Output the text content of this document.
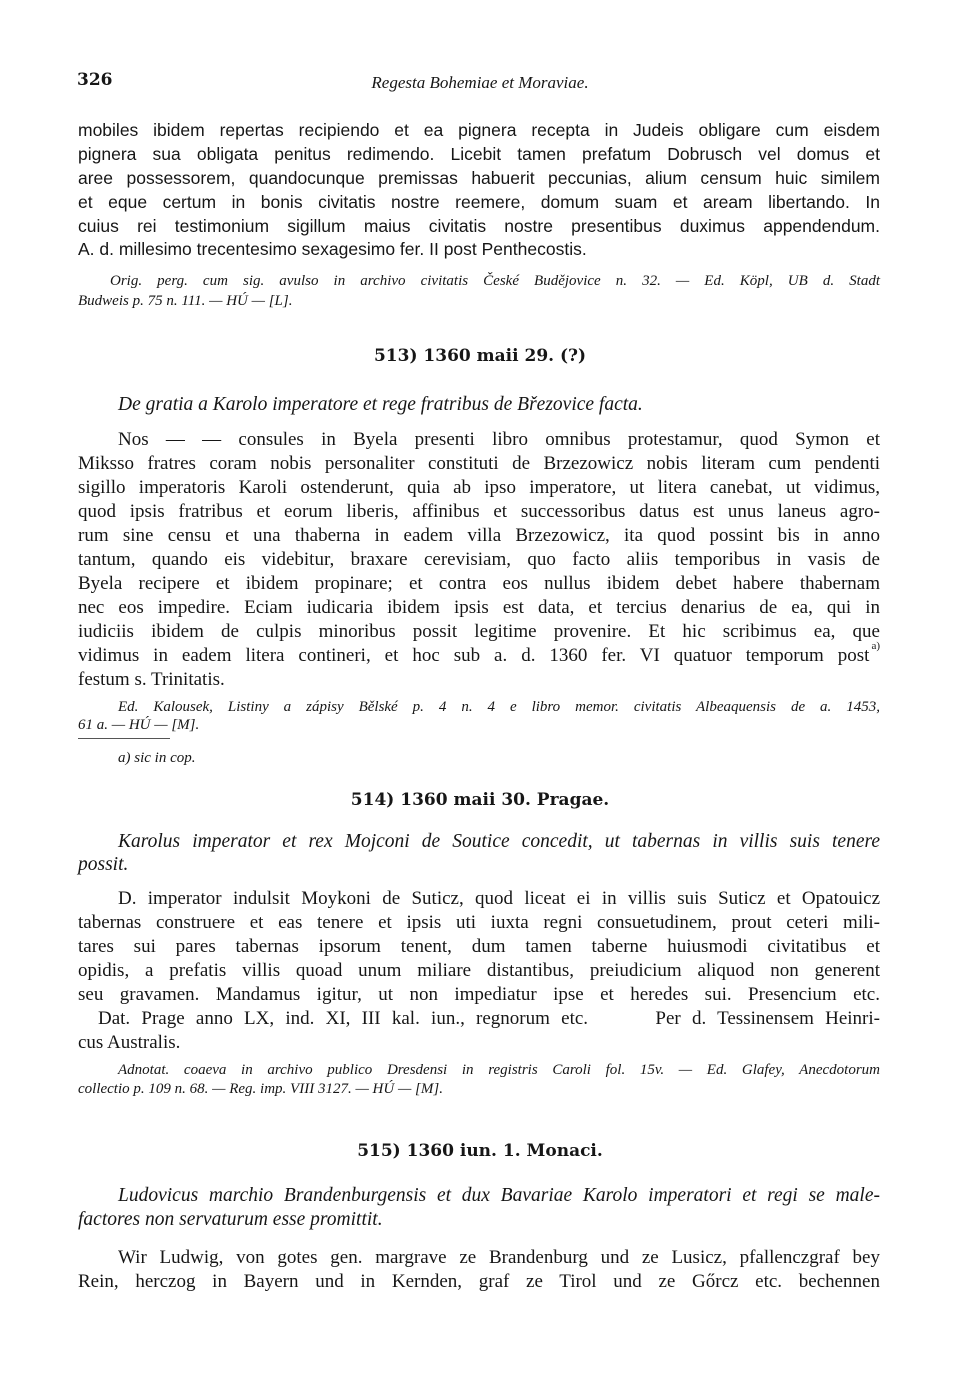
326	Regesta Bohemiae et Moraviae.
mobiles ibidem repertas recipiendo et ea pignera recepta in Judeis obligare cum eisdem
pignera sua obligata penitus redimendo. Licebit tamen prefatum Dobrusch vel domus et
aree possessorem, quandocunque premissas habuerit peccunias, alium censum huic similem
et eque certum in bonis civitatis nostre reemere, domum suam et aream libertando. In
cuius rei testimonium sigillum maius civitatis nostre presentibus duximus appendendum.
A. d. millesimo trecentesimo sexagesimo fer. II post Penthecostis.
Orig. perg. cum sig. avulso in archivo civitatis České Budějovice n. 32. — Ed. Köpl, UB d. Stadt
Budweis p. 75 n. 111. — HÚ — [L].
513) 1360 maii 29. (?)
De gratia a Karolo imperatore et rege fratribus de Březovice facta.
Nos — — consules in Byela presenti libro omnibus protestamur, quod Symon et
Miksso fratres coram nobis personaliter constituti de Brzezowicz nobis literam cum pendenti
sigillo imperatoris Karoli ostenderunt, quia ab ipso imperatore, ut litera canebat, ut vidimus,
quod ipsis fratribus et eorum liberis, affinibus et successoribus datus est unus laneus agro-
rum sine censu et una thaberna in eadem villa Brzezowicz, ita quod possint bis in anno
tantum, quando eis videbitur, braxare cerevisiam, quo facto aliis temporibus in vasis de
Byela recipere et ibidem propinare; et contra eos nullus ibidem debet habere thabernam
nec eos impedire. Eciam iudicaria ibidem ipsis est data, et tercius denarius de ea, qui in
iudiciis ibidem de culpis minoribus possit legitime provenire. Et hic scribimus ea, que
vidimus in eadem litera contineri, et hoc sub a. d. 1360 fer. VI quatuor temporum post a)
festum s. Trinitatis.
Ed. Kalousek, Listiny a zápisy Bělské p. 4 n. 4 e libro memor. civitatis Albeaquensis de a. 1453,
61 a. — HÚ — [M].
a) sic in cop.
514) 1360 maii 30. Pragae.
Karolus imperator et rex Mojconi de Soutice concedit, ut tabernas in villis suis tenere
possit.
D. imperator indulsit Moykoni de Suticz, quod liceat ei in villis suis Suticz et Opatouicz
tabernas construere et eas tenere et ipsis uti iuxta regni consuetudinem, prout ceteri mili-
tares sui pares tabernas ipsorum tenent, dum tamen taberne huiusmodi civitatibus et
opidis, a prefatis villis quoad unum miliare distantibus, preiudicium aliquod non generent
seu gravamen. Mandamus igitur, ut non impediatur ipse et heredes sui. Presencium etc.
Dat. Prage anno LX, ind. XI, III kal. iun., regnorum etc.      Per d. Tessinensem Heinri-
cus Australis.
Adnotat. coaeva in archivo publico Dresdensi in registris Caroli fol. 15v. — Ed. Glafey, Anecdotorum
collectio p. 109 n. 68. — Reg. imp. VIII 3127. — HÚ — [M].
515) 1360 iun. 1. Monaci.
Ludovicus marchio Brandenburgensis et dux Bavariae Karolo imperatori et regi se male-
factores non servaturum esse promittit.
Wir Ludwig, von gotes gen. margrave ze Brandenburg und ze Lusicz, pfallenczgraf bey
Rein, herczog in Bayern und in Kernden, graf ze Tirol und ze Gőrcz etc. bechennen
